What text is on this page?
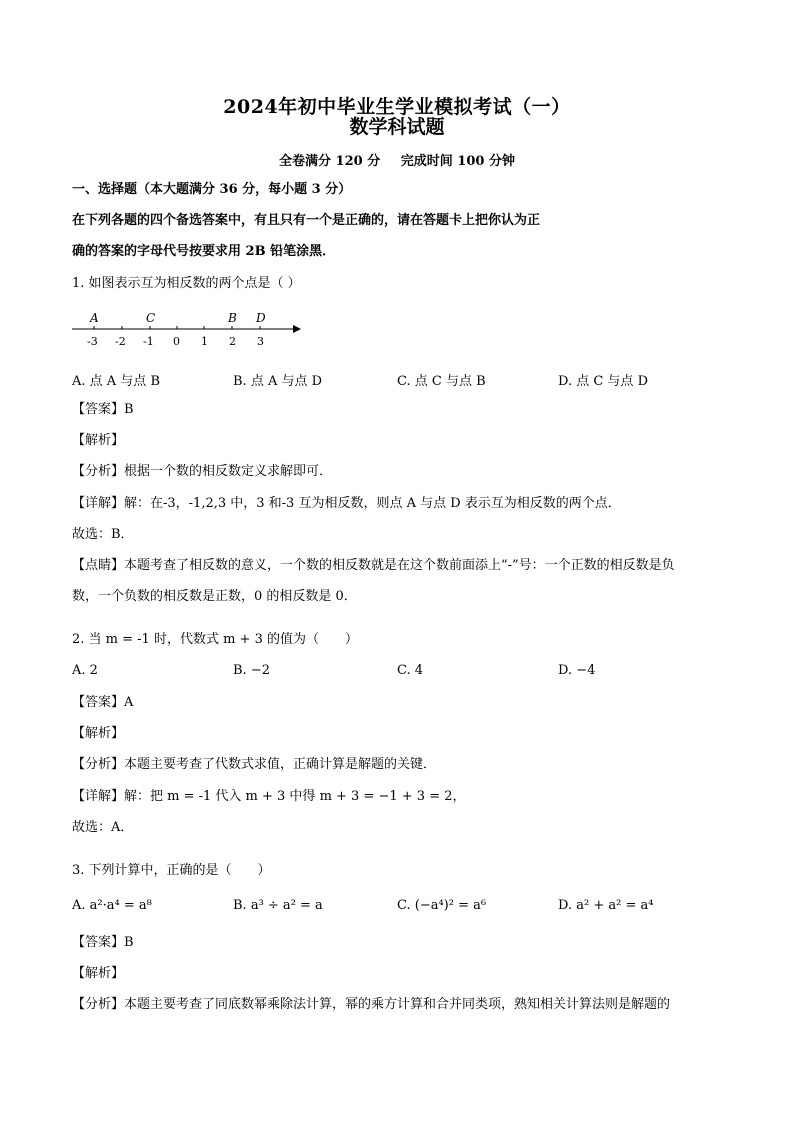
2024年初中毕业生学业模拟考试（一）
数学科试题
全卷满分 120 分 完成时间 100 分钟
一、选择题（本大题满分 36 分，每小题 3 分）
在下列各题的四个备选答案中，有且只有一个是正确的，请在答题卡上把你认为正
确的答案的字母代号按要求用 2B 铅笔涂黑．
1. 如图表示互为相反数的两个点是（ ）
-3 -2 -1 0 1 2 3
A	C	B D
A. 点 A 与点 B	B. 点 A 与点 D	C. 点 C 与点 B	D. 点 C 与点 D
【答案】B
【解析】
【分析】根据一个数的相反数定义求解即可．
【详解】解：在-3，-1,2,3 中，3 和-3 互为相反数，则点 A 与点 D 表示互为相反数的两个点．
故选：B．
【点睛】本题考查了相反数的意义，一个数的相反数就是在这个数前面添上“-”号：一个正数的相反数是负
数，一个负数的相反数是正数，0 的相反数是 0．
2. 当 m = -1 时，代数式 m + 3 的值为（　　）
A. 2	B. −2	C. 4	D. −4
【答案】A
【解析】
【分析】本题主要考查了代数式求值，正确计算是解题的关键．
【详解】解：把 m = -1 代入 m + 3 中得 m + 3 = −1 + 3 = 2，
故选：A．
3. 下列计算中，正确的是（　　）
A. a²·a⁴ = a⁸	B. a³ ÷ a² = a	C. (−a⁴)² = a⁶	D. a² + a² = a⁴
【答案】B
【解析】
【分析】本题主要考查了同底数幂乘除法计算，幂的乘方计算和合并同类项，熟知相关计算法则是解题的
